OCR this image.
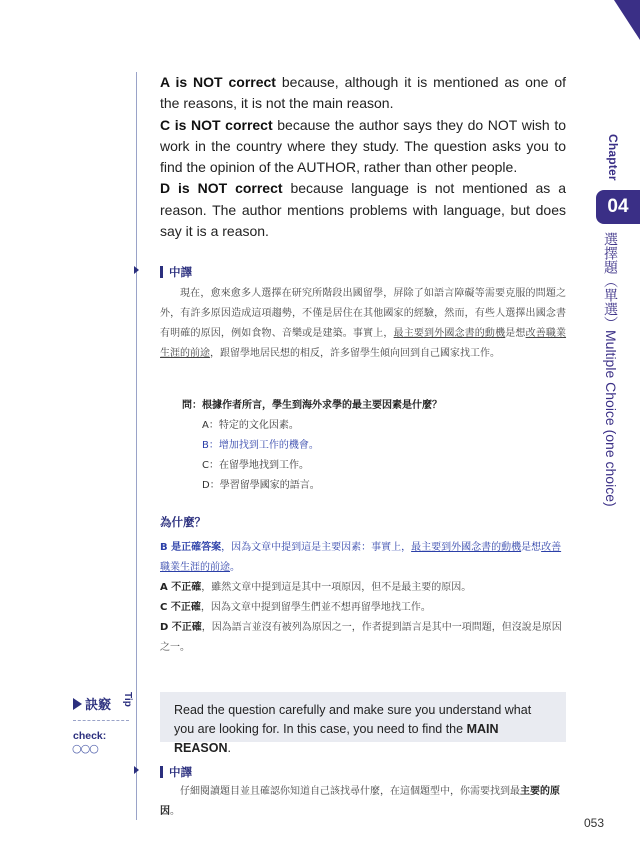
Chapter
04
選擇題（單選）Multiple Choice (one choice)

A is NOT correct because, although it is mentioned as one of the reasons, it is not the main reason.

C is NOT correct because the author says they do NOT wish to work in the country where they study. The question asks you to find the opinion of the AUTHOR, rather than other people.

D is NOT correct because language is not mentioned as a reason. The author mentions problems with language, but does say it is a reason.

中譯
現在，愈來愈多人選擇在研究所階段出國留學，屏除了如語言障礙等需要克服的問題之外，有許多原因造成這項趨勢，不僅是居住在其他國家的經驗，然而，有些人選擇出國念書有明確的原因，例如食物、音樂或是建築。事實上，最主要到外國念書的動機是想改善職業生涯的前途，跟留學地居民想的相反，許多留學生傾向回到自己國家找工作。
問：根據作者所言，學生到海外求學的最主要因素是什麼？
A：特定的文化因素。
B：增加找到工作的機會。
C：在留學地找到工作。
D：學習留學國家的語言。
為什麼？
B 是正確答案，因為文章中提到這是主要因素：事實上，最主要到外國念書的動機是想改善職業生涯的前途。
A 不正確，雖然文章中提到這是其中一項原因，但不是最主要的原因。
C 不正確，因為文章中提到留學生們並不想再留學地找工作。
D 不正確，因為語言並沒有被列為原因之一，作者提到語言是其中一項問題，但沒說是原因之一。
訣竅 Tip
check:
○○○
Read the question carefully and make sure you understand what you are looking for. In this case, you need to find the MAIN REASON.
中譯
仔細閱讀題目並且確認你知道自己該找尋什麼，在這個題型中，你需要找到最主要的原因。
053
